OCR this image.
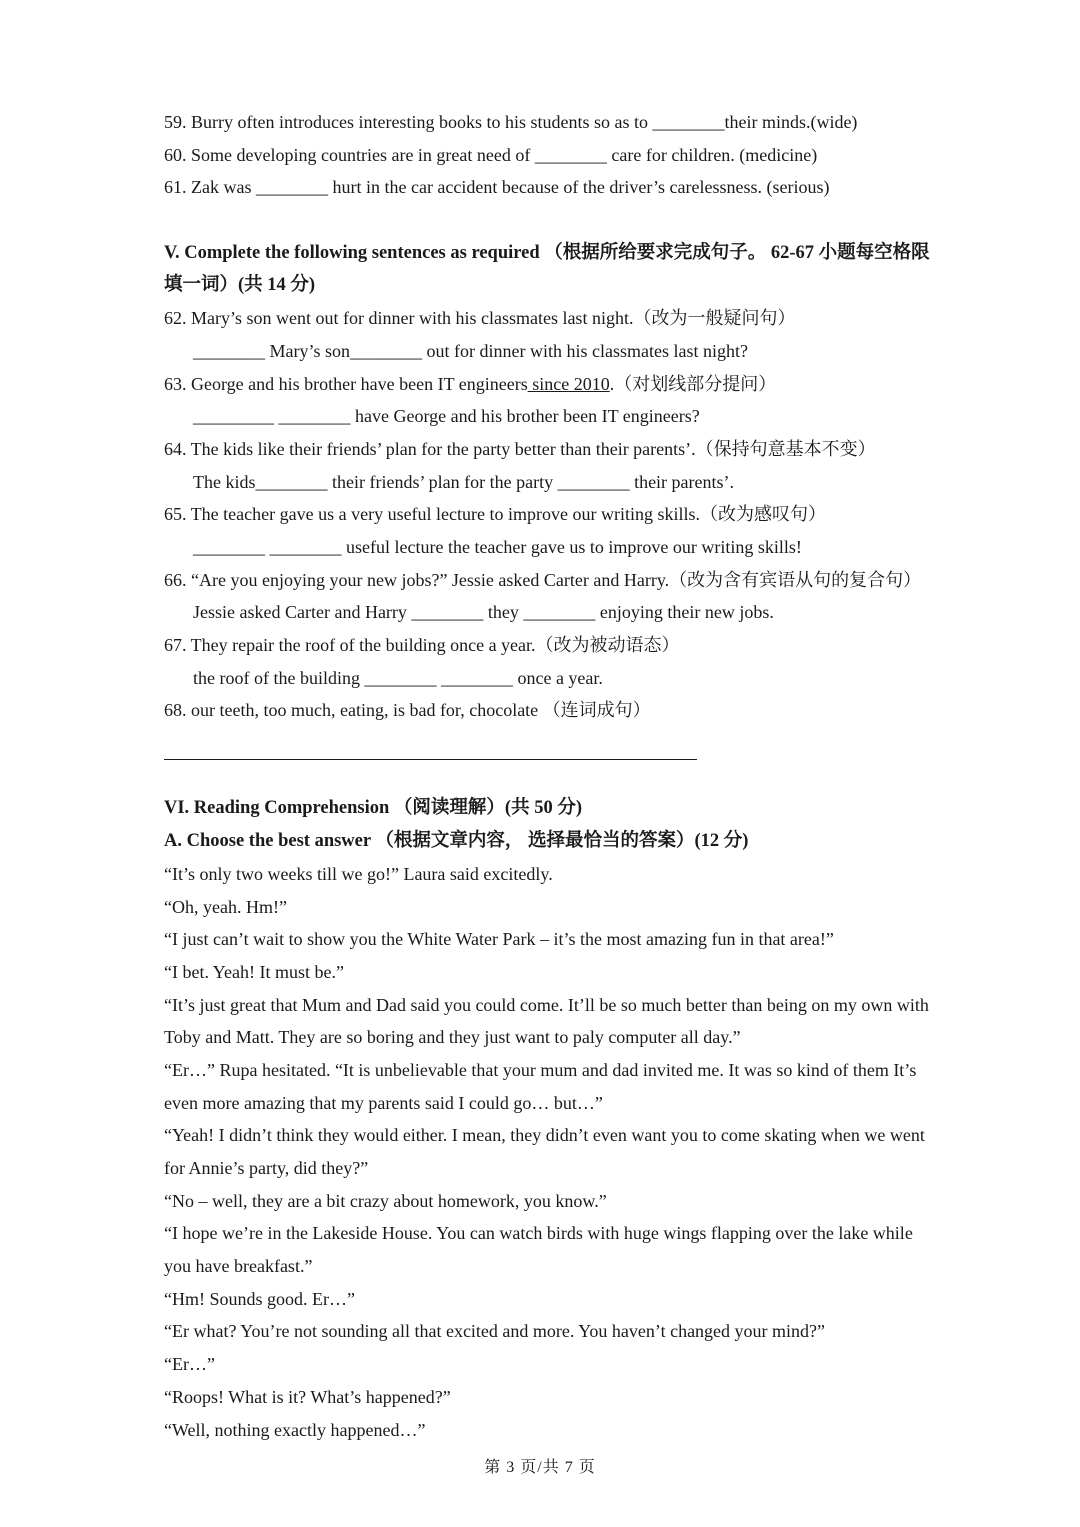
59. Burry often introduces interesting books to his students so as to ________their minds.(wide)
60. Some developing countries are in great need of ________ care for children. (medicine)
61. Zak was ________ hurt in the car accident because of the driver’s carelessness. (serious)
V. Complete the following sentences as required （根据所给要求完成句子。 62-67 小题每空格限
填一词）(共 14 分)
62. Mary’s son went out for dinner with his classmates last night.（改为一般疑问句）
________ Mary’s son________ out for dinner with his classmates last night?
63. George and his brother have been IT engineers since 2010.（对划线部分提问）
_________ ________ have George and his brother been IT engineers?
64. The kids like their friends’ plan for the party better than their parents’.（保持句意基本不变）
The kids________ their friends’ plan for the party ________ their parents’.
65. The teacher gave us a very useful lecture to improve our writing skills.（改为感叹句）
________ ________ useful lecture the teacher gave us to improve our writing skills!
66. “Are you enjoying your new jobs?” Jessie asked Carter and Harry.（改为含有宾语从句的复合句）
Jessie asked Carter and Harry ________ they ________ enjoying their new jobs.
67. They repair the roof of the building once a year.（改为被动语态）
the roof of the building ________ ________ once a year.
68. our teeth, too much, eating, is bad for, chocolate （连词成句）
VI. Reading Comprehension （阅读理解）(共 50 分)
A. Choose the best answer （根据文章内容， 选择最恰当的答案）(12 分)
“It’s only two weeks till we go!” Laura said excitedly.
“Oh, yeah. Hm!”
“I just can’t wait to show you the White Water Park – it’s the most amazing fun in that area!”
“I bet. Yeah! It must be.”
“It’s just great that Mum and Dad said you could come. It’ll be so much better than being on my own with
Toby and Matt. They are so boring and they just want to paly computer all day.”
“Er…” Rupa hesitated. “It is unbelievable that your mum and dad invited me. It was so kind of them It’s
even more amazing that my parents said I could go… but…”
“Yeah! I didn’t think they would either. I mean, they didn’t even want you to come skating when we went
for Annie’s party, did they?”
“No – well, they are a bit crazy about homework, you know.”
“I hope we’re in the Lakeside House. You can watch birds with huge wings flapping over the lake while
you have breakfast.”
“Hm! Sounds good. Er…”
“Er what? You’re not sounding all that excited and more. You haven’t changed your mind?”
“Er…”
“Roops! What is it? What’s happened?”
“Well, nothing exactly happened…”
第 3 页/共 7 页
